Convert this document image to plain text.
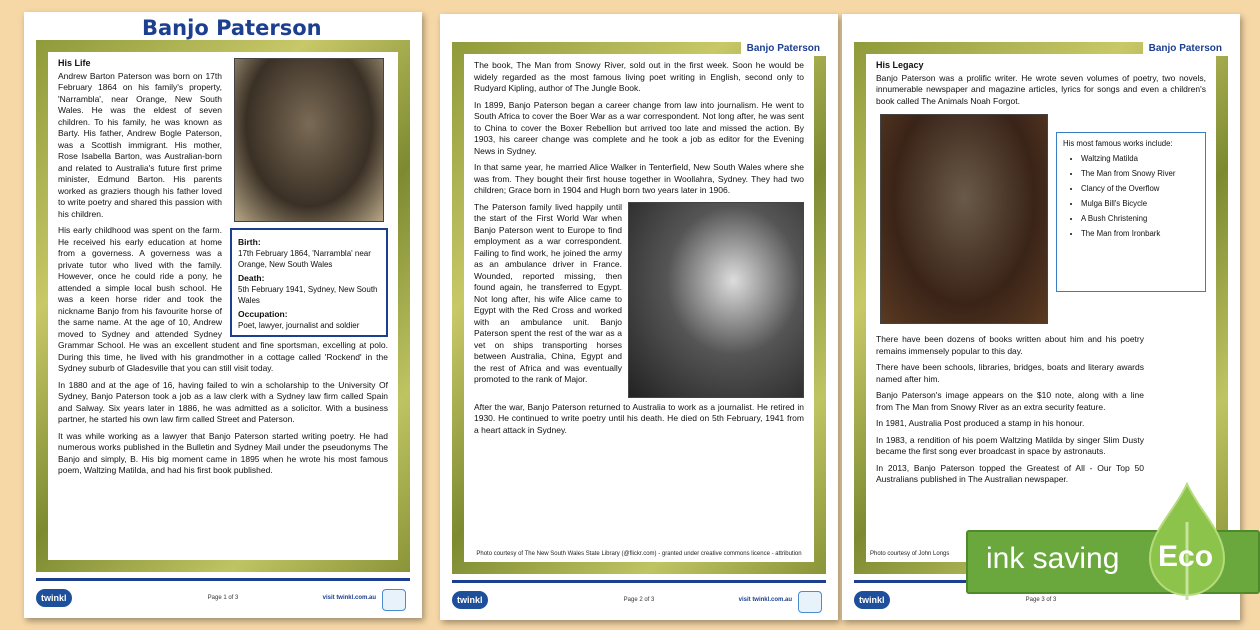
Banjo Paterson
Birth:
17th February 1864, 'Narrambla' near Orange, New South Wales
Death:
5th February 1941, Sydney, New South Wales
Occupation:
Poet, lawyer, journalist and soldier
His Life

Andrew Barton Paterson was born on 17th February 1864 on his family's property, 'Narrambla', near Orange, New South Wales. He was the eldest of seven children. To his family, he was known as Barty. His father, Andrew Bogle Paterson, was a Scottish immigrant. His mother, Rose Isabella Barton, was Australian-born and related to Australia's future first prime minister, Edmund Barton. His parents worked as graziers though his father loved to write poetry and shared this passion with his children.

His early childhood was spent on the farm. He received his early education at home from a governess. A governess was a private tutor who lived with the family. However, once he could ride a pony, he attended a simple local bush school. He was a keen horse rider and took the nickname Banjo from his favourite horse of the same name. At the age of 10, Andrew moved to Sydney and attended Sydney Grammar School. He was an excellent student and fine sportsman, excelling at polo. During this time, he lived with his grandmother in a cottage called 'Rockend' in the Sydney suburb of Gladesville that you can still visit today.

In 1880 and at the age of 16, having failed to win a scholarship to the University Of Sydney, Banjo Paterson took a job as a law clerk with a Sydney law firm called Spain and Salway. Six years later in 1886, he was admitted as a solicitor. With a business partner, he started his own law firm called Street and Paterson.

It was while working as a lawyer that Banjo Paterson started writing poetry. He had numerous works published in the Bulletin and Sydney Mail under the pseudonyms The Banjo and simply, B. His big moment came in 1895 when he wrote his most famous poem, Waltzing Matilda, and had his first book published.

twinkl	Page 1 of 3	visit twinkl.com.au
Banjo Paterson

The book, The Man from Snowy River, sold out in the first week. Soon he would be widely regarded as the most famous living poet writing in English, second only to Rudyard Kipling, author of The Jungle Book.

In 1899, Banjo Paterson began a career change from law into journalism. He went to South Africa to cover the Boer War as a war correspondent. Not long after, he was sent to China to cover the Boxer Rebellion but arrived too late and missed the action. By 1903, his career change was complete and he took a job as editor for the Evening News in Sydney.

In that same year, he married Alice Walker in Tenterfield, New South Wales where she was from. They bought their first house together in Woollahra, Sydney. They had two children; Grace born in 1904 and Hugh born two years later in 1906.

The Paterson family lived happily until the start of the First World War when Banjo Paterson went to Europe to find employment as a war correspondent. Failing to find work, he joined the army as an ambulance driver in France. Wounded, reported missing, then found again, he transferred to Egypt. Not long after, his wife Alice came to Egypt with the Red Cross and worked with an ambulance unit. Banjo Paterson spent the rest of the war as a vet on ships transporting horses between Australia, China, Egypt and the rest of Africa and was eventually promoted to the rank of Major.

After the war, Banjo Paterson returned to Australia to work as a journalist. He retired in 1930. He continued to write poetry until his death. He died on 5th February, 1941 from a heart attack in Sydney.

Photo courtesy of The New South Wales State Library (@flickr.com) - granted under creative commons licence - attribution
twinkl	Page 2 of 3	visit twinkl.com.au
Banjo Paterson
His Legacy

Banjo Paterson was a prolific writer. He wrote seven volumes of poetry, two novels, innumerable newspaper and magazine articles, lyrics for songs and even a children's book called The Animals Noah Forgot.

His most famous works include:
• Waltzing Matilda
• The Man from Snowy River
• Clancy of the Overflow
• Mulga Bill's Bicycle
• A Bush Christening
• The Man from Ironbark

There have been dozens of books written about him and his poetry remains immensely popular to this day.

There have been schools, libraries, bridges, boats and literary awards named after him.

Banjo Paterson's image appears on the $10 note, along with a line from The Man from Snowy River as an extra security feature.

In 1981, Australia Post produced a stamp in his honour.

In 1983, a rendition of his poem Waltzing Matilda by singer Slim Dusty became the first song ever broadcast in space by astronauts.

In 2013, Banjo Paterson topped the Greatest of All - Our Top 50 Australians published in The Australian newspaper.

Photo courtesy of John Longs
twinkl	Page 3 of 3
ink saving Eco
